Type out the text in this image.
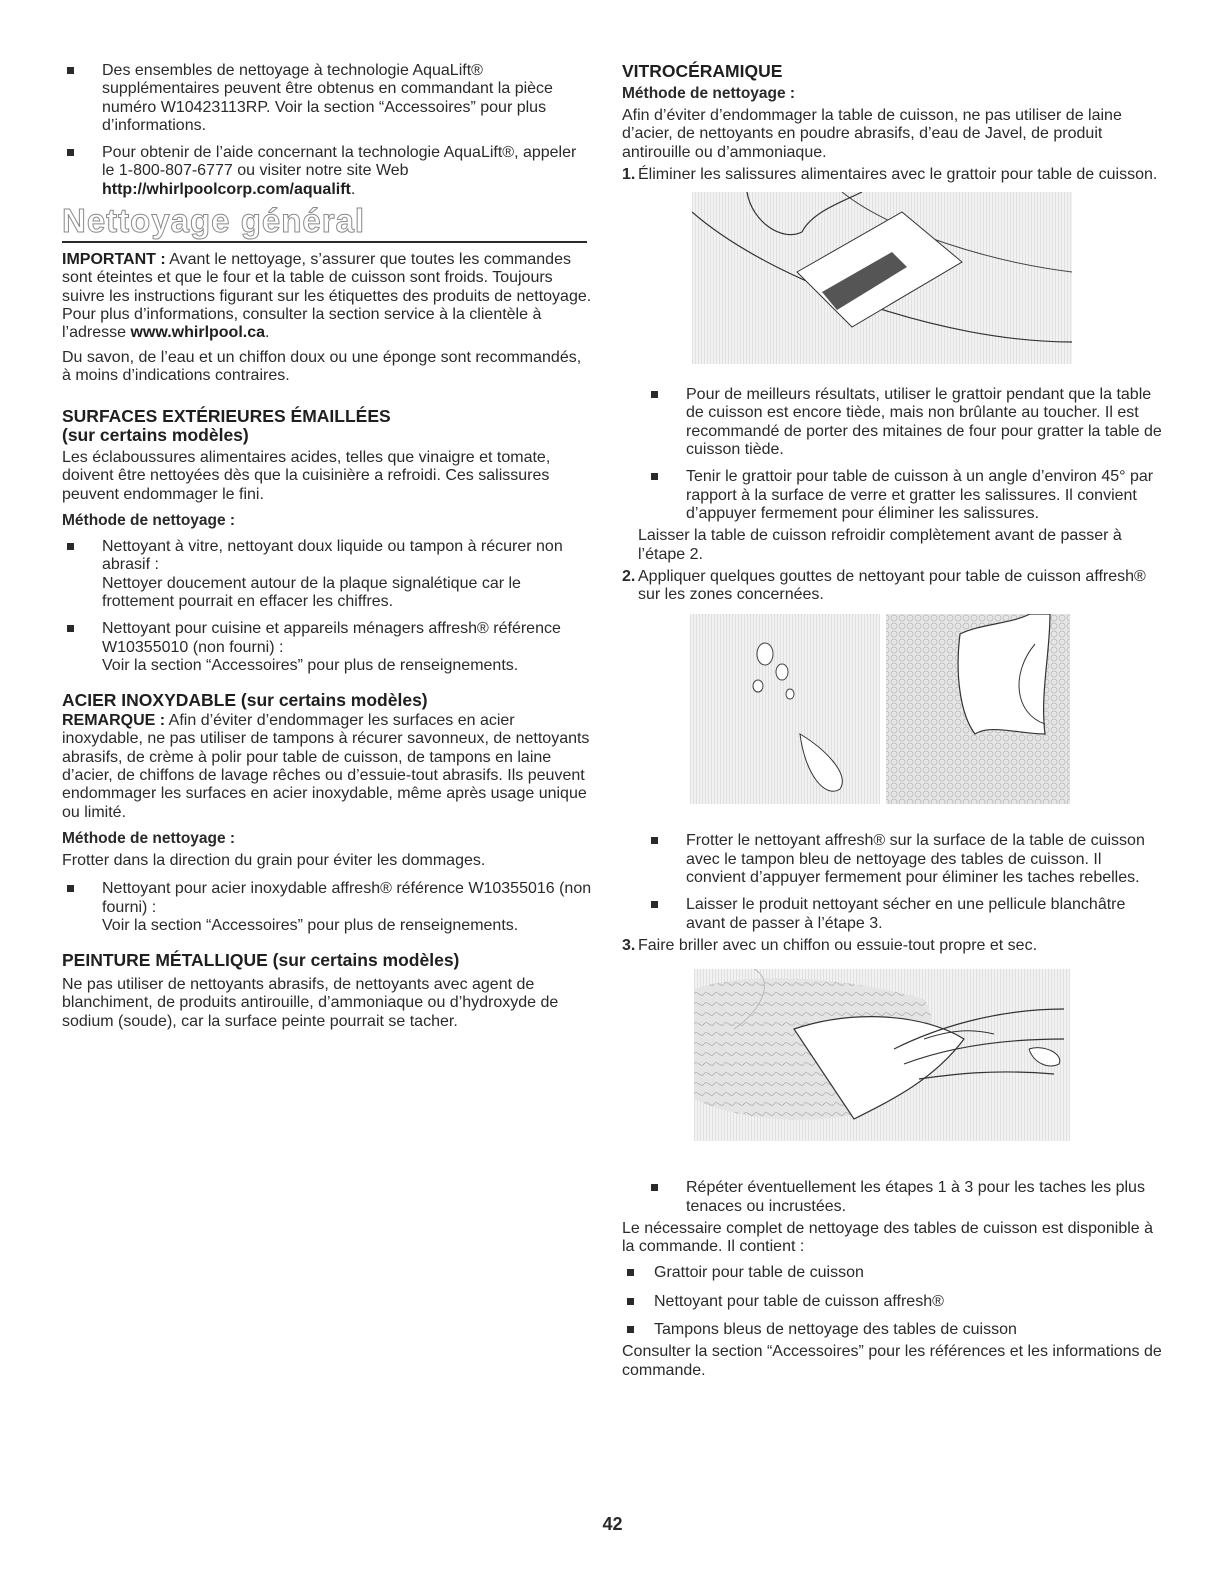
Des ensembles de nettoyage à technologie AquaLift® supplémentaires peuvent être obtenus en commandant la pièce numéro W10423113RP. Voir la section “Accessoires” pour plus d’informations.
Pour obtenir de l’aide concernant la technologie AquaLift®, appeler le 1-800-807-6777 ou visiter notre site Web http://whirlpoolcorp.com/aqualift.
Nettoyage général

IMPORTANT : Avant le nettoyage, s’assurer que toutes les commandes sont éteintes et que le four et la table de cuisson sont froids. Toujours suivre les instructions figurant sur les étiquettes des produits de nettoyage. Pour plus d’informations, consulter la section service à la clientèle à l’adresse www.whirlpool.ca.

Du savon, de l’eau et un chiffon doux ou une éponge sont recommandés, à moins d’indications contraires.

SURFACES EXTÉRIEURES ÉMAILLÉES
(sur certains modèles)

Les éclaboussures alimentaires acides, telles que vinaigre et tomate, doivent être nettoyées dès que la cuisinière a refroidi. Ces salissures peuvent endommager le fini.

Méthode de nettoyage :
Nettoyant à vitre, nettoyant doux liquide ou tampon à récurer non abrasif :
Nettoyer doucement autour de la plaque signalétique car le frottement pourrait en effacer les chiffres.
Nettoyant pour cuisine et appareils ménagers affresh® référence W10355010 (non fourni) :
Voir la section “Accessoires” pour plus de renseignements.
ACIER INOXYDABLE (sur certains modèles)

REMARQUE : Afin d’éviter d’endommager les surfaces en acier inoxydable, ne pas utiliser de tampons à récurer savonneux, de nettoyants abrasifs, de crème à polir pour table de cuisson, de tampons en laine d’acier, de chiffons de lavage rêches ou d’essuie-tout abrasifs. Ils peuvent endommager les surfaces en acier inoxydable, même après usage unique ou limité.

Méthode de nettoyage :

Frotter dans la direction du grain pour éviter les dommages.

Nettoyant pour acier inoxydable affresh® référence W10355016 (non fourni) :
Voir la section “Accessoires” pour plus de renseignements.
PEINTURE MÉTALLIQUE (sur certains modèles)

Ne pas utiliser de nettoyants abrasifs, de nettoyants avec agent de blanchiment, de produits antirouille, d’ammoniaque ou d’hydroxyde de sodium (soude), car la surface peinte pourrait se tacher.

VITROCÉRAMIQUE
Méthode de nettoyage :

Afin d’éviter d’endommager la table de cuisson, ne pas utiliser de laine d’acier, de nettoyants en poudre abrasifs, d’eau de Javel, de produit antirouille ou d’ammoniaque.

1. Éliminer les salissures alimentaires avec le grattoir pour table de cuisson.
Pour de meilleurs résultats, utiliser le grattoir pendant que la table de cuisson est encore tiède, mais non brûlante au toucher. Il est recommandé de porter des mitaines de four pour gratter la table de cuisson tiède.
Tenir le grattoir pour table de cuisson à un angle d’environ 45° par rapport à la surface de verre et gratter les salissures. Il convient d’appuyer fermement pour éliminer les salissures.

Laisser la table de cuisson refroidir complètement avant de passer à l’étape 2.

2. Appliquer quelques gouttes de nettoyant pour table de cuisson affresh® sur les zones concernées.
Frotter le nettoyant affresh® sur la surface de la table de cuisson avec le tampon bleu de nettoyage des tables de cuisson. Il convient d’appuyer fermement pour éliminer les taches rebelles.
Laisser le produit nettoyant sécher en une pellicule blanchâtre avant de passer à l’étape 3.
3. Faire briller avec un chiffon ou essuie-tout propre et sec.
Répéter éventuellement les étapes 1 à 3 pour les taches les plus tenaces ou incrustées.

Le nécessaire complet de nettoyage des tables de cuisson est disponible à la commande. Il contient :

Grattoir pour table de cuisson
Nettoyant pour table de cuisson affresh®
Tampons bleus de nettoyage des tables de cuisson

Consulter la section “Accessoires” pour les références et les informations de commande.

42
